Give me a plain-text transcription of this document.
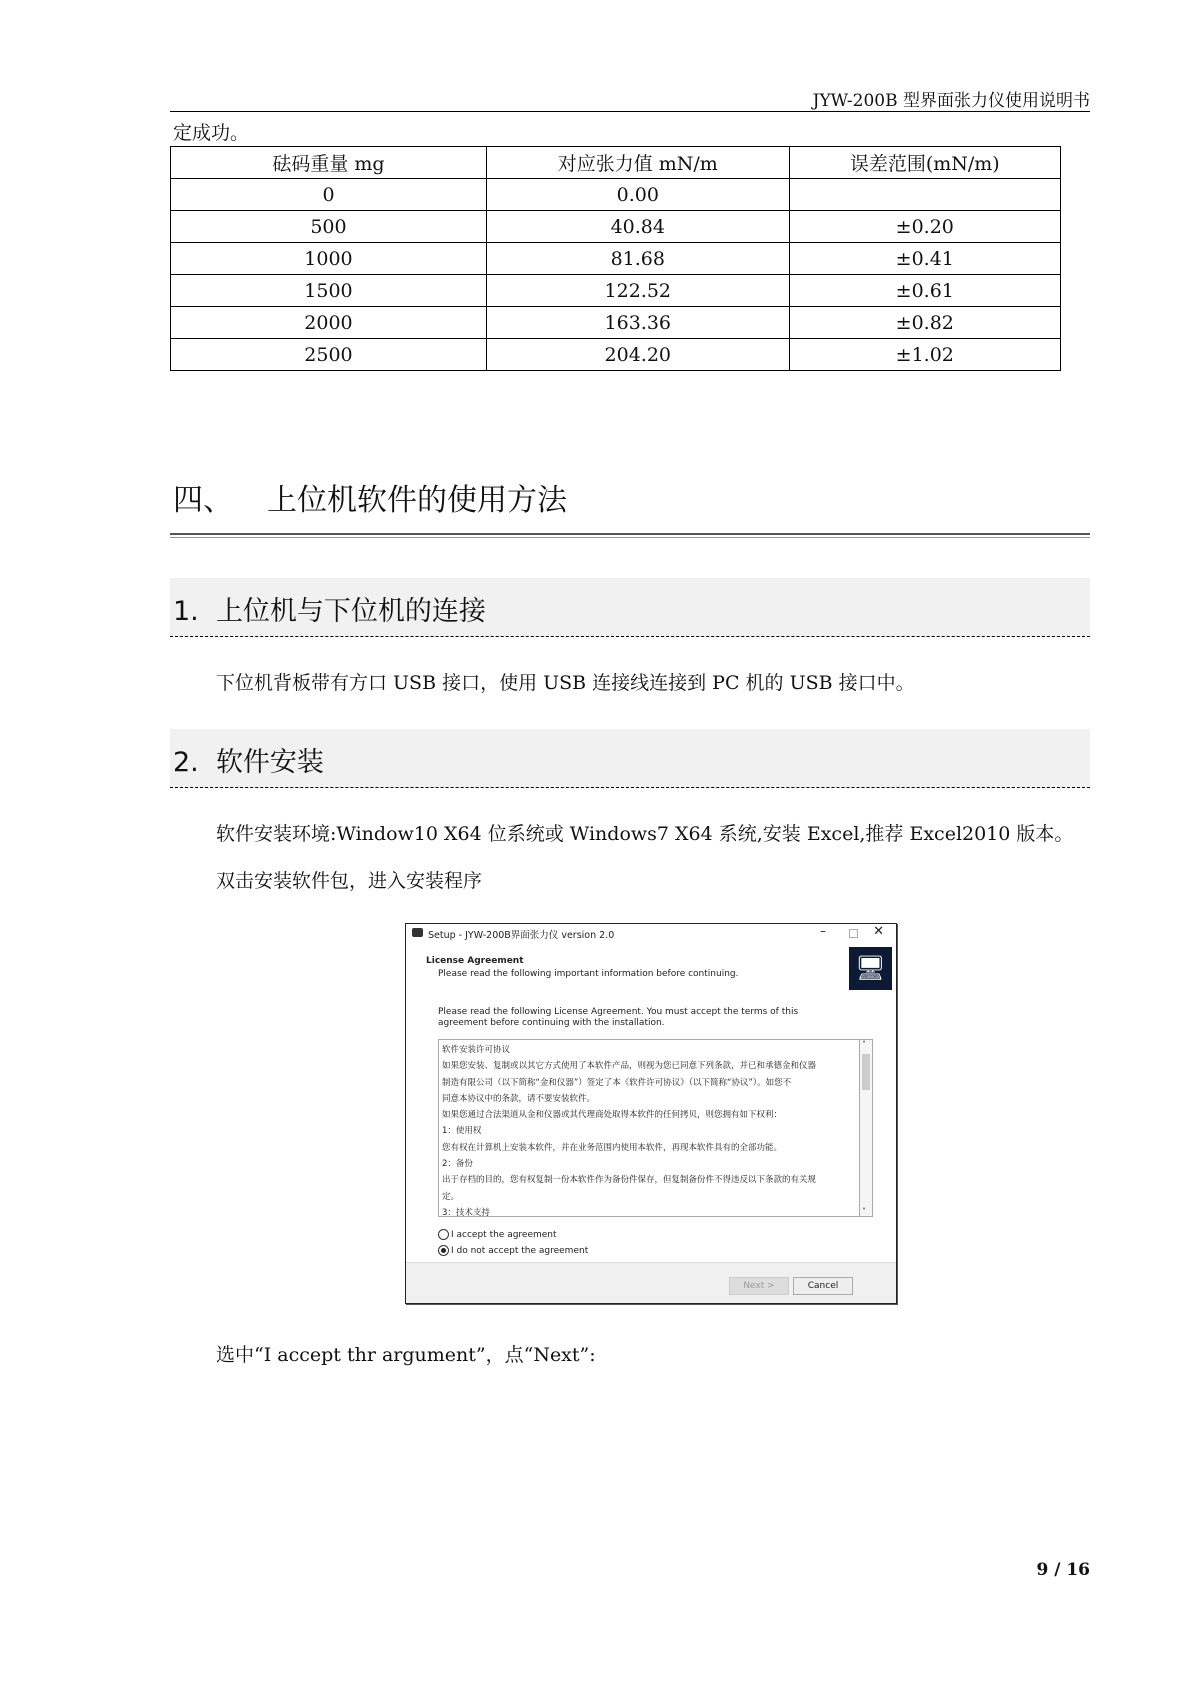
JYW-200B 型界面张力仪使用说明书
定成功。
砝码重量 mg	对应张力值 mN/m	误差范围(mN/m)
0	0.00	
500	40.84	±0.20
1000	81.68	±0.41
1500	122.52	±0.61
2000	163.36	±0.82
2500	204.20	±1.02
四、 上位机软件的使用方法
1. 上位机与下位机的连接
下位机背板带有方口 USB 接口，使用 USB 连接线连接到 PC 机的 USB 接口中。
2. 软件安装
软件安装环境:Window10 X64 位系统或 Windows7 X64 系统,安装 Excel,推荐 Excel2010 版本。
双击安装软件包，进入安装程序
Setup - JYW-200B界面张力仪 version 2.0	–	✕
License Agreement
Please read the following important information before continuing.	🖥
Please read the following License Agreement. You must accept the terms of this agreement before continuing with the installation.
软件安装许可协议
如果您安装、复制或以其它方式使用了本软件产品，则视为您已同意下列条款，并已和承德金和仪器
制造有限公司（以下简称“金和仪器”）签定了本《软件许可协议》（以下简称“协议”）。如您不
同意本协议中的条款，请不要安装软件。
如果您通过合法渠道从金和仪器或其代理商处取得本软件的任何拷贝，则您拥有如下权利：
1：使用权
您有权在计算机上安装本软件，并在业务范围内使用本软件，再现本软件具有的全部功能。
2：备份
出于存档的目的，您有权复制一份本软件作为备份件保存，但复制备份件不得违反以下条款的有关规
定。
3：技术支持
˄
˅
I accept the agreement
I do not accept the agreement
Next >	Cancel
选中“I accept thr argument”，点“Next”:
9 / 16
